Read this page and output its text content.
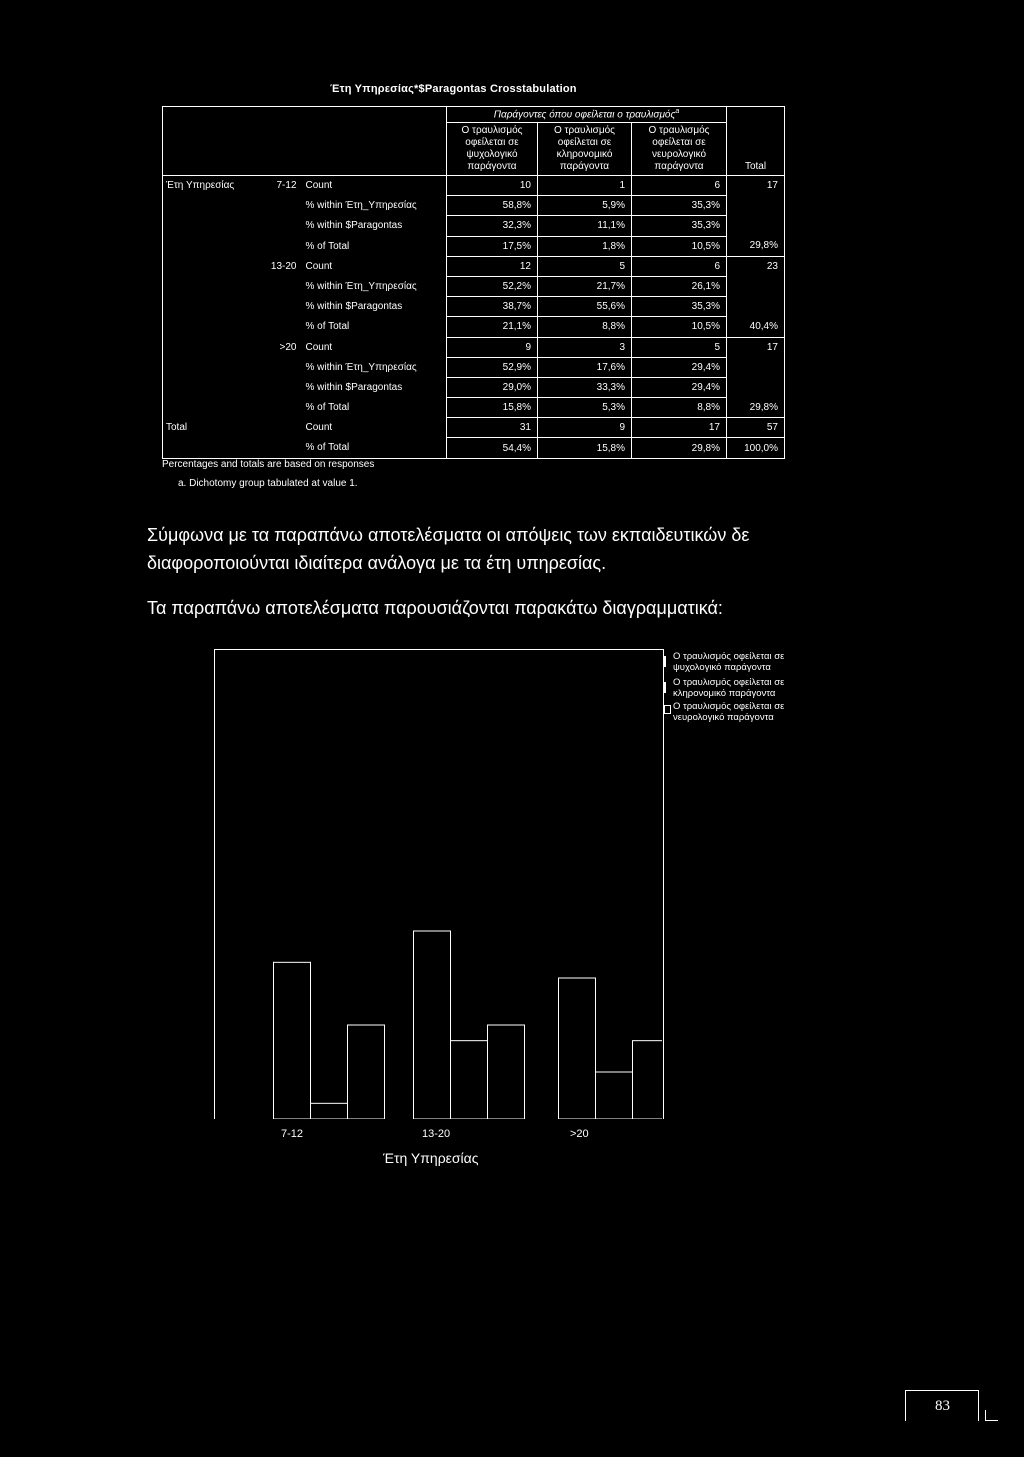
Έτη Υπηρεσίας*$Paragontas Crosstabulation
			Παράγοντες όπου οφείλεται ο τραυλισμός$^a$	
			Ο τραυλισμός οφείλεται σε ψυχολογικό παράγοντα	Ο τραυλισμός οφείλεται σε κληρονομικό παράγοντα	Ο τραυλισμός οφείλεται σε νευρολογικό παράγοντα	Total
Έτη Υπηρεσίας	7-12	Count	10	1	6	17
		% within Έτη_Υπηρεσίας	58,8%	5,9%	35,3%	
		% within $Paragontas	32,3%	11,1%	35,3%	
		% of Total	17,5%	1,8%	10,5%	29,8%
	13-20	Count	12	5	6	23
		% within Έτη_Υπηρεσίας	52,2%	21,7%	26,1%	
		% within $Paragontas	38,7%	55,6%	35,3%	
		% of Total	21,1%	8,8%	10,5%	40,4%
	>20	Count	9	3	5	17
		% within Έτη_Υπηρεσίας	52,9%	17,6%	29,4%	
		% within $Paragontas	29,0%	33,3%	29,4%	
		% of Total	15,8%	5,3%	8,8%	29,8%
Total		Count	31	9	17	57
		% of Total	54,4%	15,8%	29,8%	100,0%
Percentages and totals are based on responses
a. Dichotomy group tabulated at value 1.
Σύμφωνα με τα παραπάνω αποτελέσματα οι απόψεις των εκπαιδευτικών δε
διαφοροποιούνται ιδιαίτερα ανάλογα με τα έτη υπηρεσίας.
Τα παραπάνω αποτελέσματα παρουσιάζονται παρακάτω διαγραμματικά:
Ο τραυλισμός οφείλεται σε ψυχολογικό παράγοντα
Ο τραυλισμός οφείλεται σε κληρονομικό παράγοντα
Ο τραυλισμός οφείλεται σε νευρολογικό παράγοντα
7-12	13-20	>20
Έτη Υπηρεσίας
83
